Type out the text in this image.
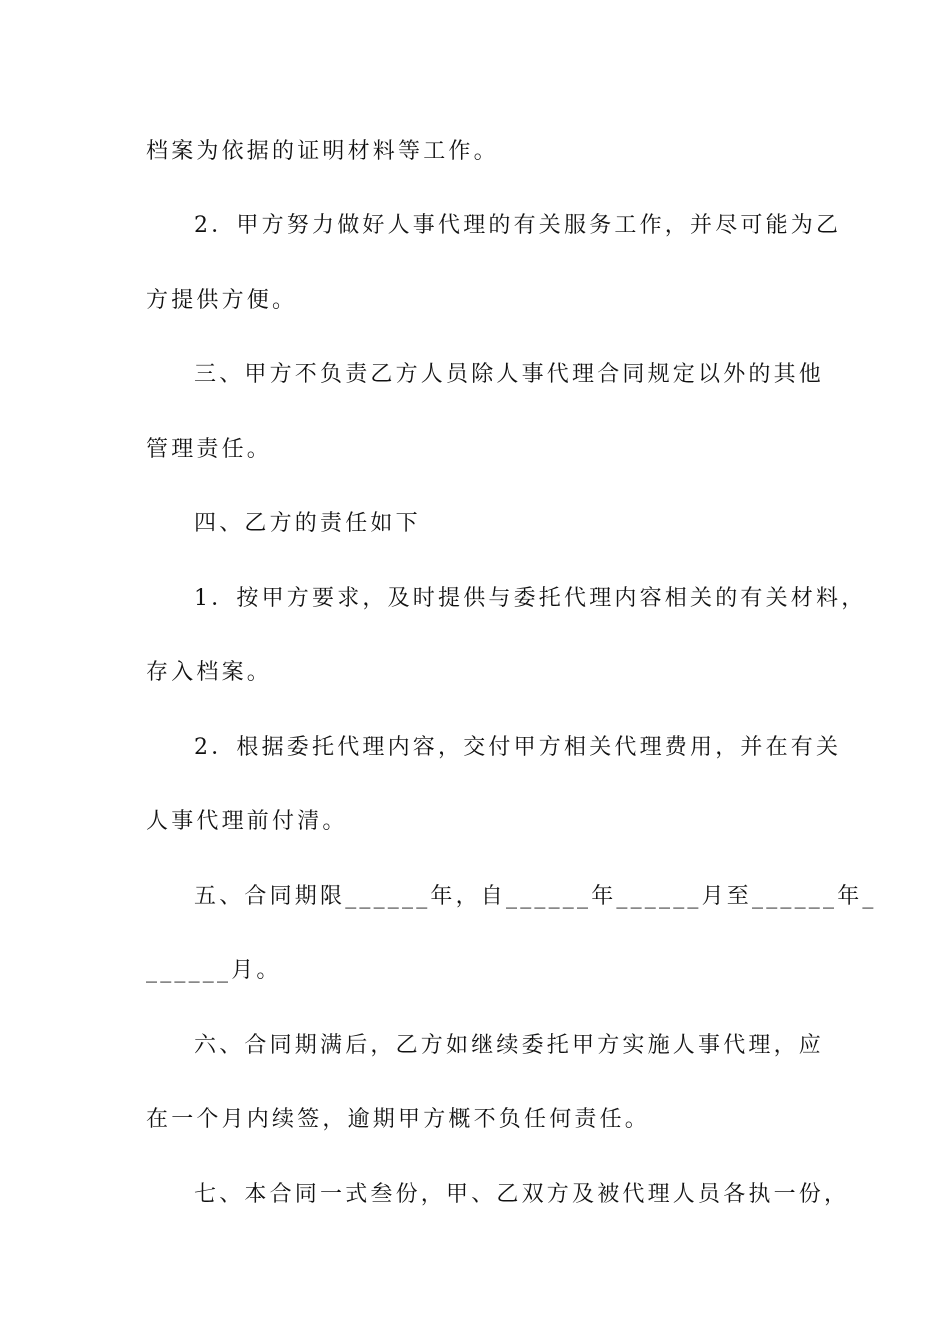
档案为依据的证明材料等工作。
2．甲方努力做好人事代理的有关服务工作，并尽可能为乙
方提供方便。
三、甲方不负责乙方人员除人事代理合同规定以外的其他
管理责任。
四、乙方的责任如下
1．按甲方要求，及时提供与委托代理内容相关的有关材料，
存入档案。
2．根据委托代理内容，交付甲方相关代理费用，并在有关
人事代理前付清。
五、合同期限______年，自______年______月至______年_
______月。
六、合同期满后，乙方如继续委托甲方实施人事代理，应
在一个月内续签，逾期甲方概不负任何责任。
七、本合同一式叁份，甲、乙双方及被代理人员各执一份，
